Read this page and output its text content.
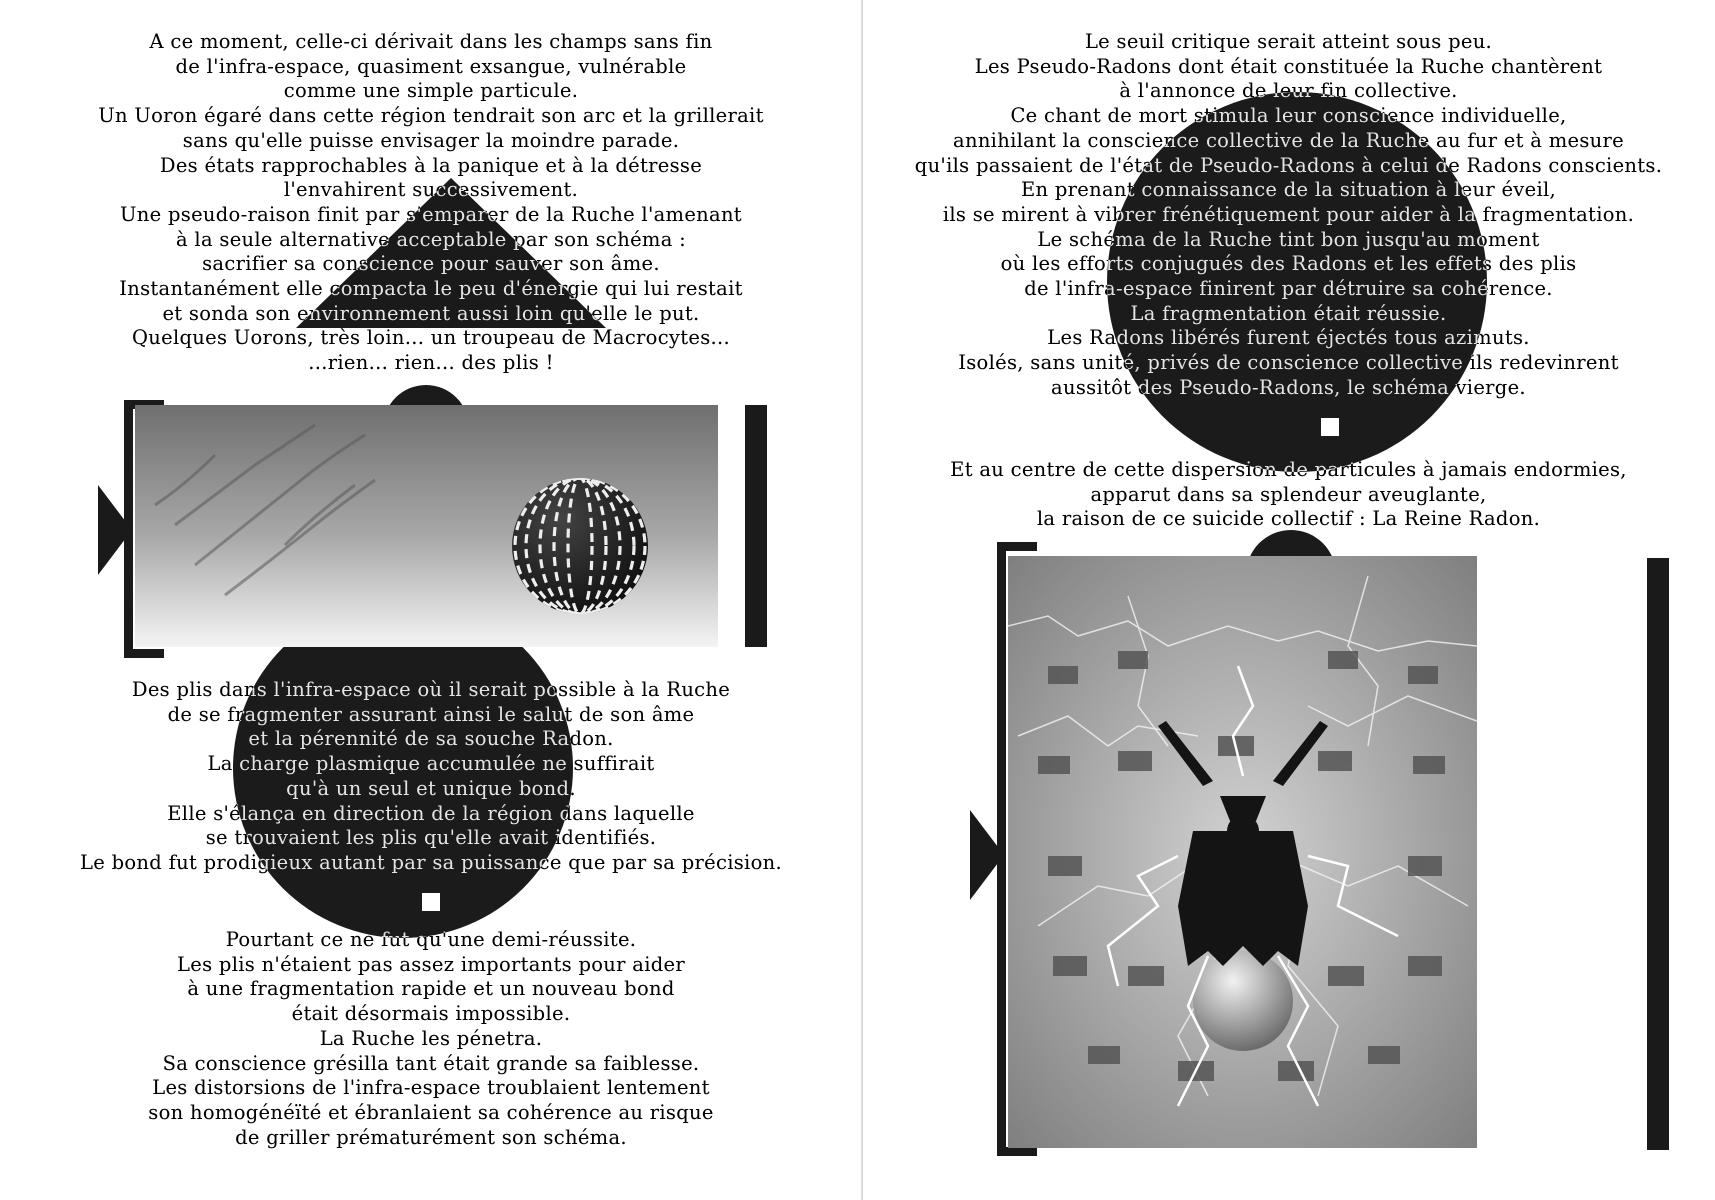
A ce moment, celle-ci dérivait dans les champs sans fin
de l'infra-espace, quasiment exsangue, vulnérable
comme une simple particule.
Un Uoron égaré dans cette région tendrait son arc et la grillerait
sans qu'elle puisse envisager la moindre parade.
Des états rapprochables à la panique et à la détresse
l'envahirent successivement.
Une pseudo-raison finit par s'emparer de la Ruche l'amenant
à la seule alternative acceptable par son schéma :
sacrifier sa conscience pour sauver son âme.
Instantanément elle compacta le peu d'énergie qui lui restait
et sonda son environnement aussi loin qu'elle le put.
Quelques Uorons, très loin... un troupeau de Macrocytes...
...rien... rien... des plis !
Des plis dans l'infra-espace où il serait possible à la Ruche
de se fragmenter assurant ainsi le salut de son âme
et la pérennité de sa souche Radon.
La charge plasmique accumulée ne suffirait
qu'à un seul et unique bond.
Elle s'élança en direction de la région dans laquelle
se trouvaient les plis qu'elle avait identifiés.
Le bond fut prodigieux autant par sa puissance que par sa précision.
Pourtant ce ne fut qu'une demi-réussite.
Les plis n'étaient pas assez importants pour aider
à une fragmentation rapide et un nouveau bond
était désormais impossible.
La Ruche les pénetra.
Sa conscience grésilla tant était grande sa faiblesse.
Les distorsions de l'infra-espace troublaient lentement
son homogénéïté et ébranlaient sa cohérence au risque
de griller prématurément son schéma.
Le seuil critique serait atteint sous peu.
Les Pseudo-Radons dont était constituée la Ruche chantèrent
à l'annonce de leur fin collective.
Ce chant de mort stimula leur conscience individuelle,
annihilant la conscience collective de la Ruche au fur et à mesure
qu'ils passaient de l'état de Pseudo-Radons à celui de Radons conscients.
En prenant connaissance de la situation à leur éveil,
ils se mirent à vibrer frénétiquement pour aider à la fragmentation.
Le schéma de la Ruche tint bon jusqu'au moment
où les efforts conjugués des Radons et les effets des plis
de l'infra-espace finirent par détruire sa cohérence.
La fragmentation était réussie.
Les Radons libérés furent éjectés tous azimuts.
Isolés, sans unité, privés de conscience collective ils redevinrent
aussitôt des Pseudo-Radons, le schéma vierge.
Et au centre de cette dispersion de particules à jamais endormies,
apparut dans sa splendeur aveuglante,
la raison de ce suicide collectif : La Reine Radon.
